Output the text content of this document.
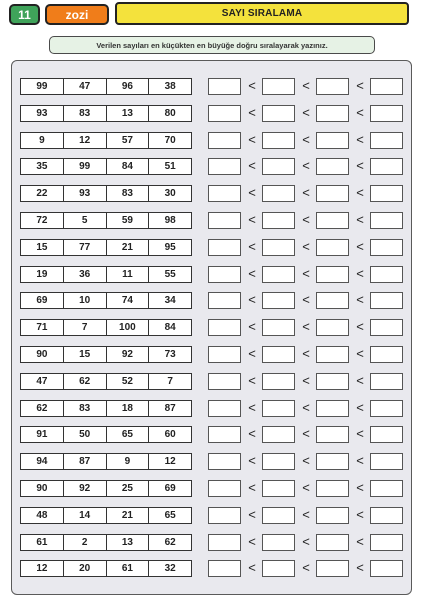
11	zozi	SAYI SIRALAMA
Verilen sayıları en küçükten en büyüğe doğru sıralayarak yazınız.
99	47	96	38	<	<	<
93	83	13	80	<	<	<
9	12	57	70	<	<	<
35	99	84	51	<	<	<
22	93	83	30	<	<	<
72	5	59	98	<	<	<
15	77	21	95	<	<	<
19	36	11	55	<	<	<
69	10	74	34	<	<	<
71	7	100	84	<	<	<
90	15	92	73	<	<	<
47	62	52	7	<	<	<
62	83	18	87	<	<	<
91	50	65	60	<	<	<
94	87	9	12	<	<	<
90	92	25	69	<	<	<
48	14	21	65	<	<	<
61	2	13	62	<	<	<
12	20	61	32	<	<	<
